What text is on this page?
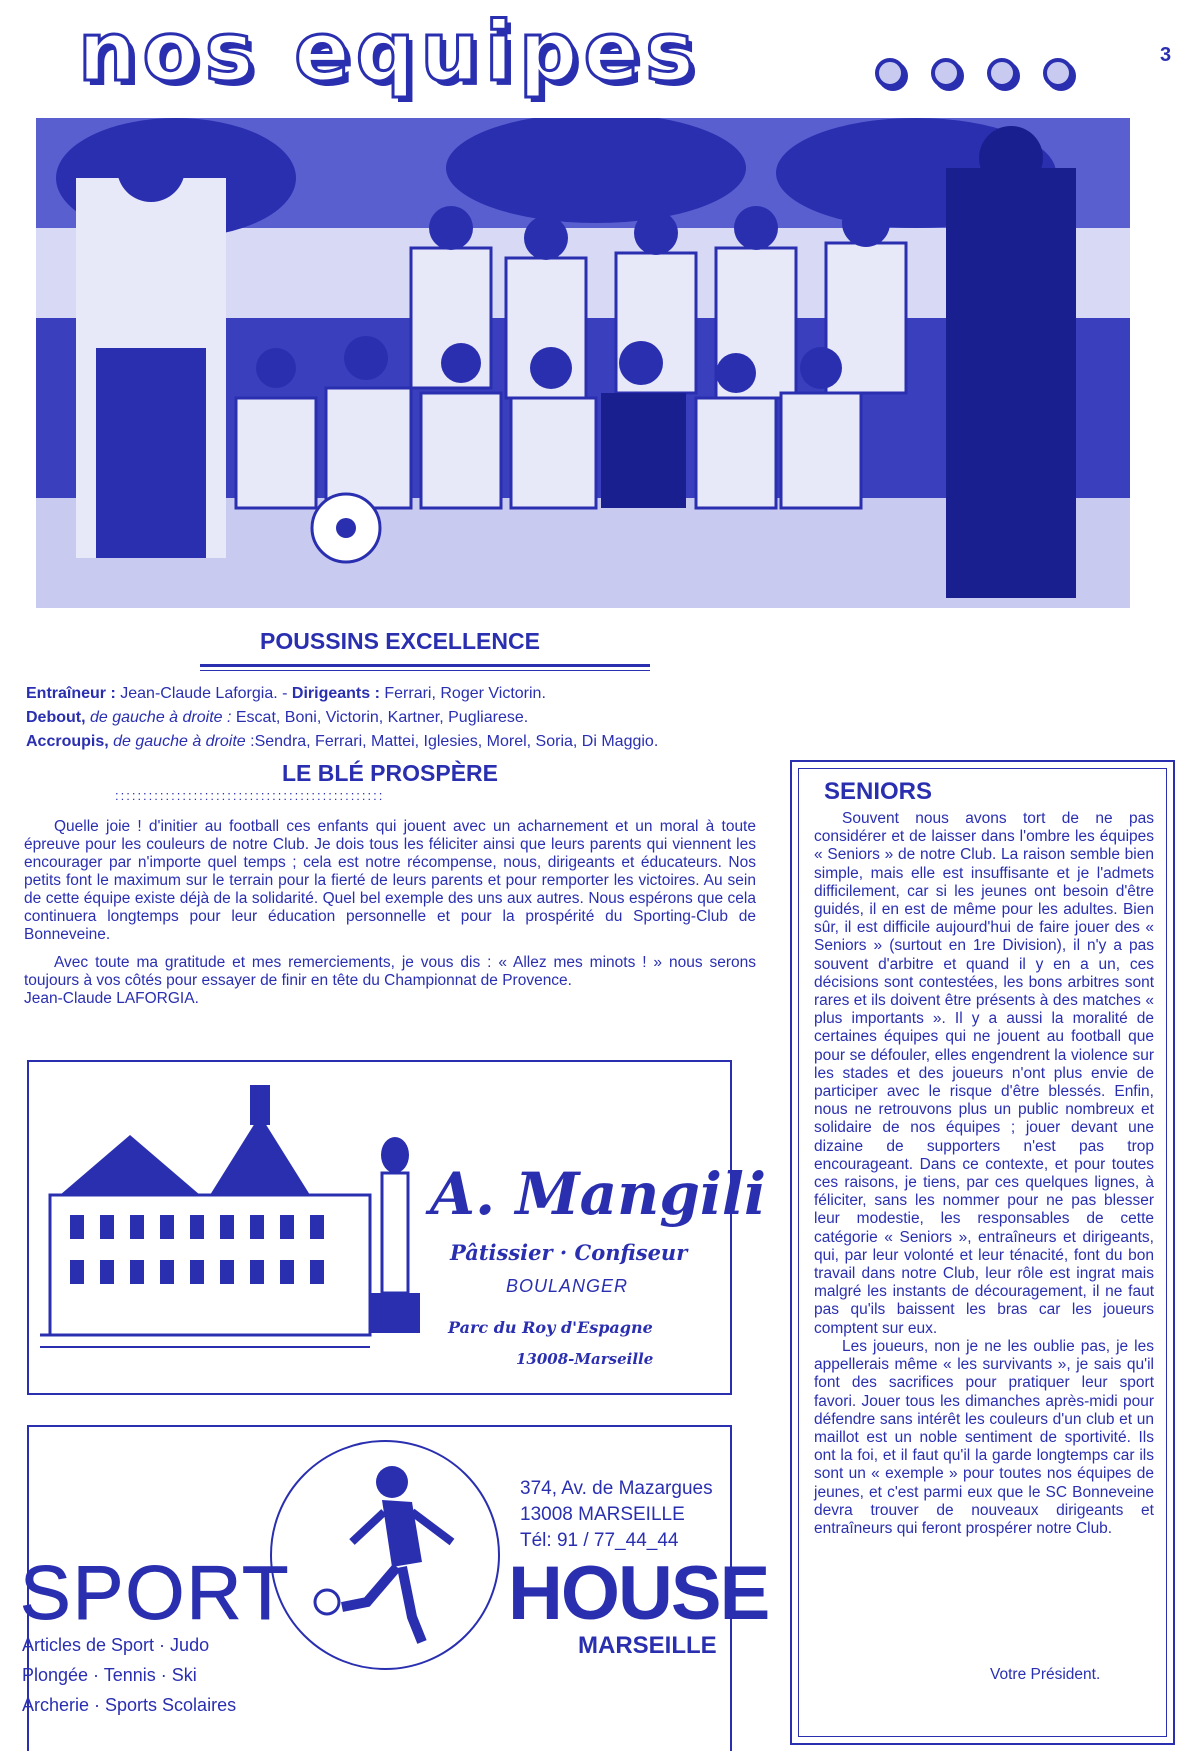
nos equipes	3
POUSSINS EXCELLENCE
Entraîneur : Jean-Claude Laforgia. - Dirigeants : Ferrari, Roger Victorin.
Debout, de gauche à droite : Escat, Boni, Victorin, Kartner, Pugliarese.
Accroupis, de gauche à droite :Sendra, Ferrari, Mattei, Iglesies, Morel, Soria, Di Maggio.
LE BLÉ PROSPÈRE
::::::::::::::::::::::::::::::::::::::::::::::::

Quelle joie ! d'initier au football ces enfants qui jouent avec un acharnement et un moral à toute épreuve pour les couleurs de notre Club. Je dois tous les féliciter ainsi que leurs parents qui viennent les encourager par n'importe quel temps ; cela est notre récompense, nous, dirigeants et éducateurs. Nos petits font le maximum sur le terrain pour la fierté de leurs parents et pour remporter les victoires. Au sein de cette équipe existe déjà de la solidarité. Quel bel exemple des uns aux autres. Nous espérons que cela continuera longtemps pour leur éducation personnelle et pour la prospérité du Sporting-Club de Bonneveine.

Avec toute ma gratitude et mes remerciements, je vous dis : « Allez mes minots ! » nous serons toujours à vos côtés pour essayer de finir en tête du Championnat de Provence.

Jean-Claude LAFORGIA.

A. Mangili
Pâtissier · Confiseur
BOULANGER
Parc du Roy d'Espagne
13008-Marseille
374, Av. de Mazargues
13008 MARSEILLE
Tél: 91 / 77_44_44
SPORT	HOUSE
MARSEILLE
Articles de Sport · Judo
Plongée · Tennis · Ski
Archerie · Sports Scolaires
SENIORS

Souvent nous avons tort de ne pas considérer et de laisser dans l'ombre les équipes « Seniors » de notre Club. La raison semble bien simple, mais elle est insuffisante et je l'admets difficilement, car si les jeunes ont besoin d'être guidés, il en est de même pour les adultes. Bien sûr, il est difficile aujourd'hui de faire jouer des « Seniors » (surtout en 1re Division), il n'y a pas souvent d'arbitre et quand il y en a un, ces décisions sont contestées, les bons arbitres sont rares et ils doivent être présents à des matches « plus importants ». Il y a aussi la moralité de certaines équipes qui ne jouent au football que pour se défouler, elles engendrent la violence sur les stades et des joueurs n'ont plus envie de participer avec le risque d'être blessés. Enfin, nous ne retrouvons plus un public nombreux et solidaire de nos équipes ; jouer devant une dizaine de supporters n'est pas trop encourageant. Dans ce contexte, et pour toutes ces raisons, je tiens, par ces quelques lignes, à féliciter, sans les nommer pour ne pas blesser leur modestie, les responsables de cette catégorie « Seniors », entraîneurs et dirigeants, qui, par leur volonté et leur ténacité, font du bon travail dans notre Club, leur rôle est ingrat mais malgré les instants de découragement, il ne faut pas qu'ils baissent les bras car les joueurs comptent sur eux.

Les joueurs, non je ne les oublie pas, je les appellerais même « les survivants », je sais qu'il font des sacrifices pour pratiquer leur sport favori. Jouer tous les dimanches après-midi pour défendre sans intérêt les couleurs d'un club et un maillot est un noble sentiment de sportivité. Ils ont la foi, et il faut qu'il la garde longtemps car ils sont un « exemple » pour toutes nos équipes de jeunes, et c'est parmi eux que le SC Bonneveine devra trouver de nouveaux dirigeants et entraîneurs qui feront prospérer notre Club.

Votre Président.
